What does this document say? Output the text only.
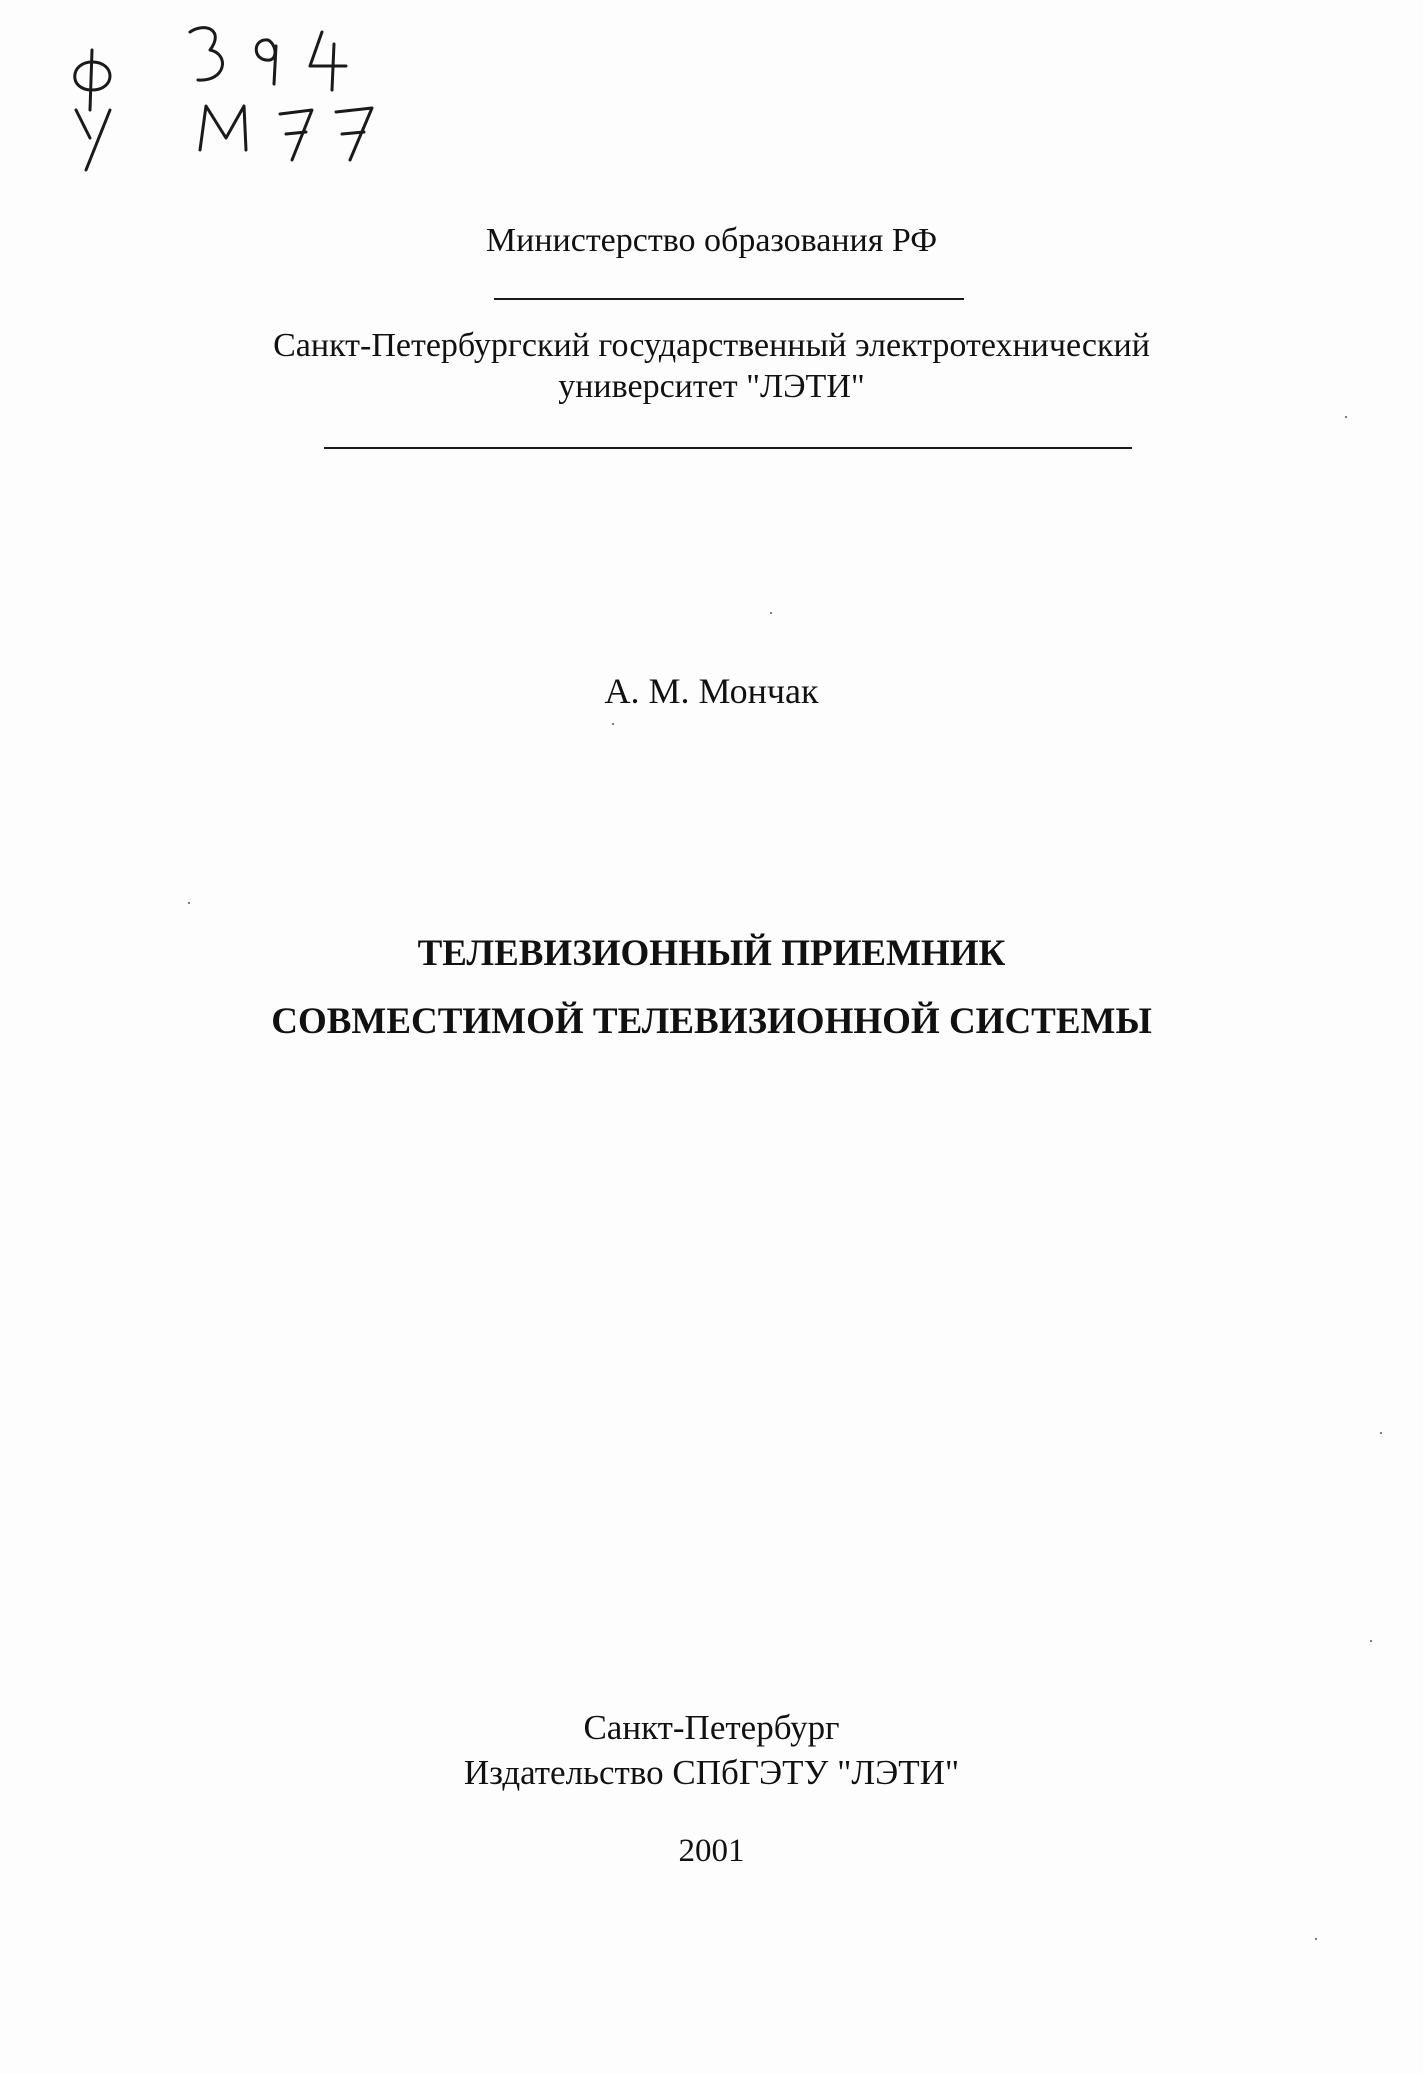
Министерство образования РФ
Санкт-Петербургский государственный электротехнический
университет "ЛЭТИ"
А. М. Мончак
ТЕЛЕВИЗИОННЫЙ ПРИЕМНИК
СОВМЕСТИМОЙ ТЕЛЕВИЗИОННОЙ СИСТЕМЫ
Санкт-Петербург
Издательство СПбГЭТУ "ЛЭТИ"
2001
